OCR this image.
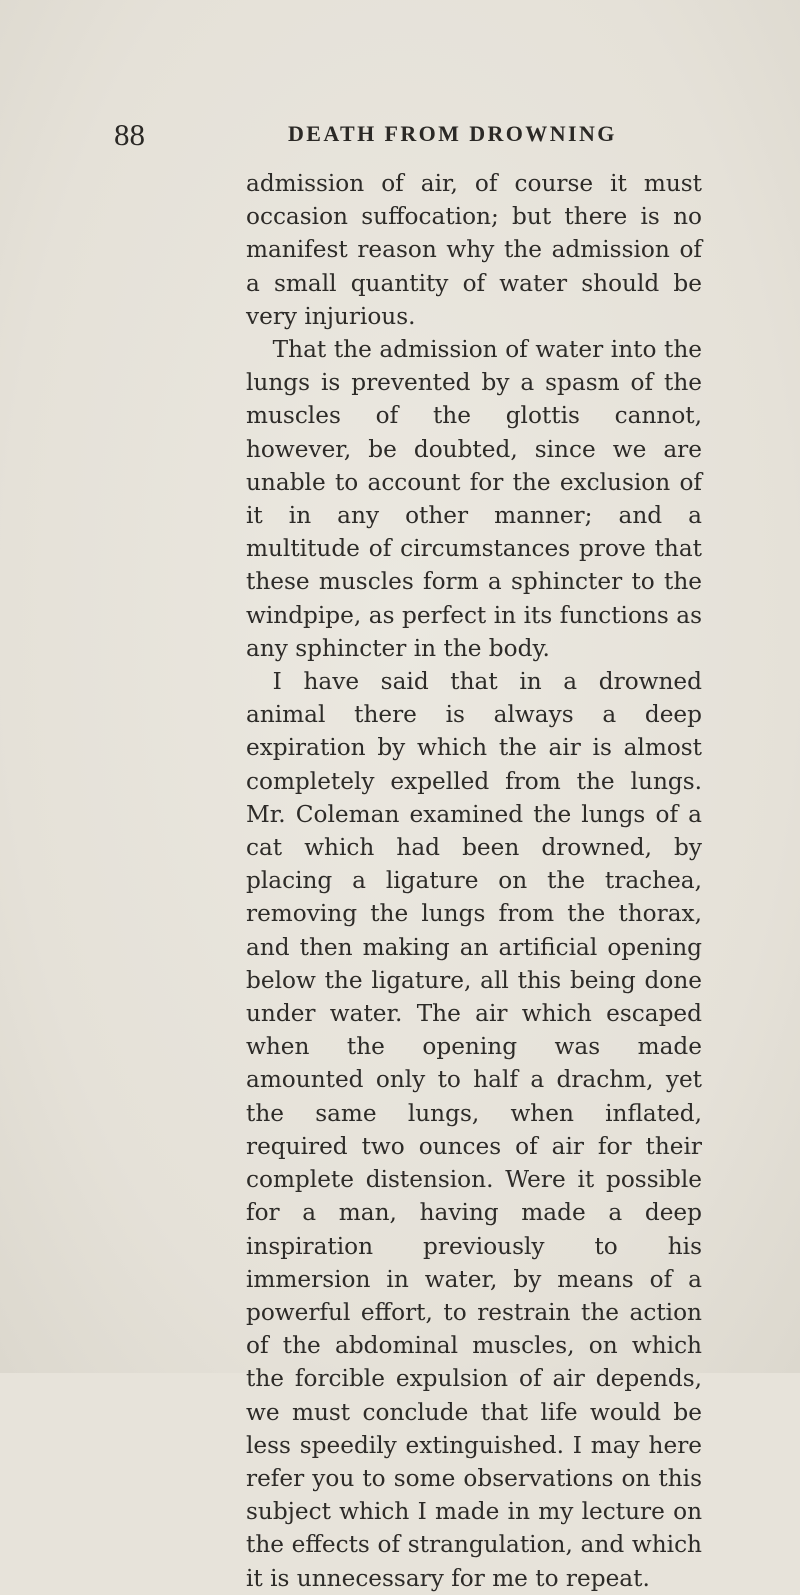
88	DEATH FROM DROWNING
admission of air, of course it must occasion suffocation; but there is no manifest reason why the admission of a small quantity of water should be very injurious.
That the admission of water into the lungs is prevented by a spasm of the muscles of the glottis cannot, however, be doubted, since we are unable to account for the exclusion of it in any other manner; and a multitude of circumstances prove that these muscles form a sphincter to the windpipe, as perfect in its functions as any sphincter in the body.
I have said that in a drowned animal there is always a deep expiration by which the air is almost completely expelled from the lungs. Mr. Coleman examined the lungs of a cat which had been drowned, by placing a ligature on the trachea, removing the lungs from the thorax, and then making an artificial opening below the ligature, all this being done under water. The air which escaped when the opening was made amounted only to half a drachm, yet the same lungs, when inflated, required two ounces of air for their complete distension. Were it possible for a man, having made a deep inspiration previously to his immersion in water, by means of a powerful effort, to restrain the action of the abdominal muscles, on which the forcible expulsion of air depends, we must conclude that life would be less speedily extinguished. I may here refer you to some observations on this subject which I made in my lecture on the effects of strangulation, and which it is unnecessary for me to repeat.
